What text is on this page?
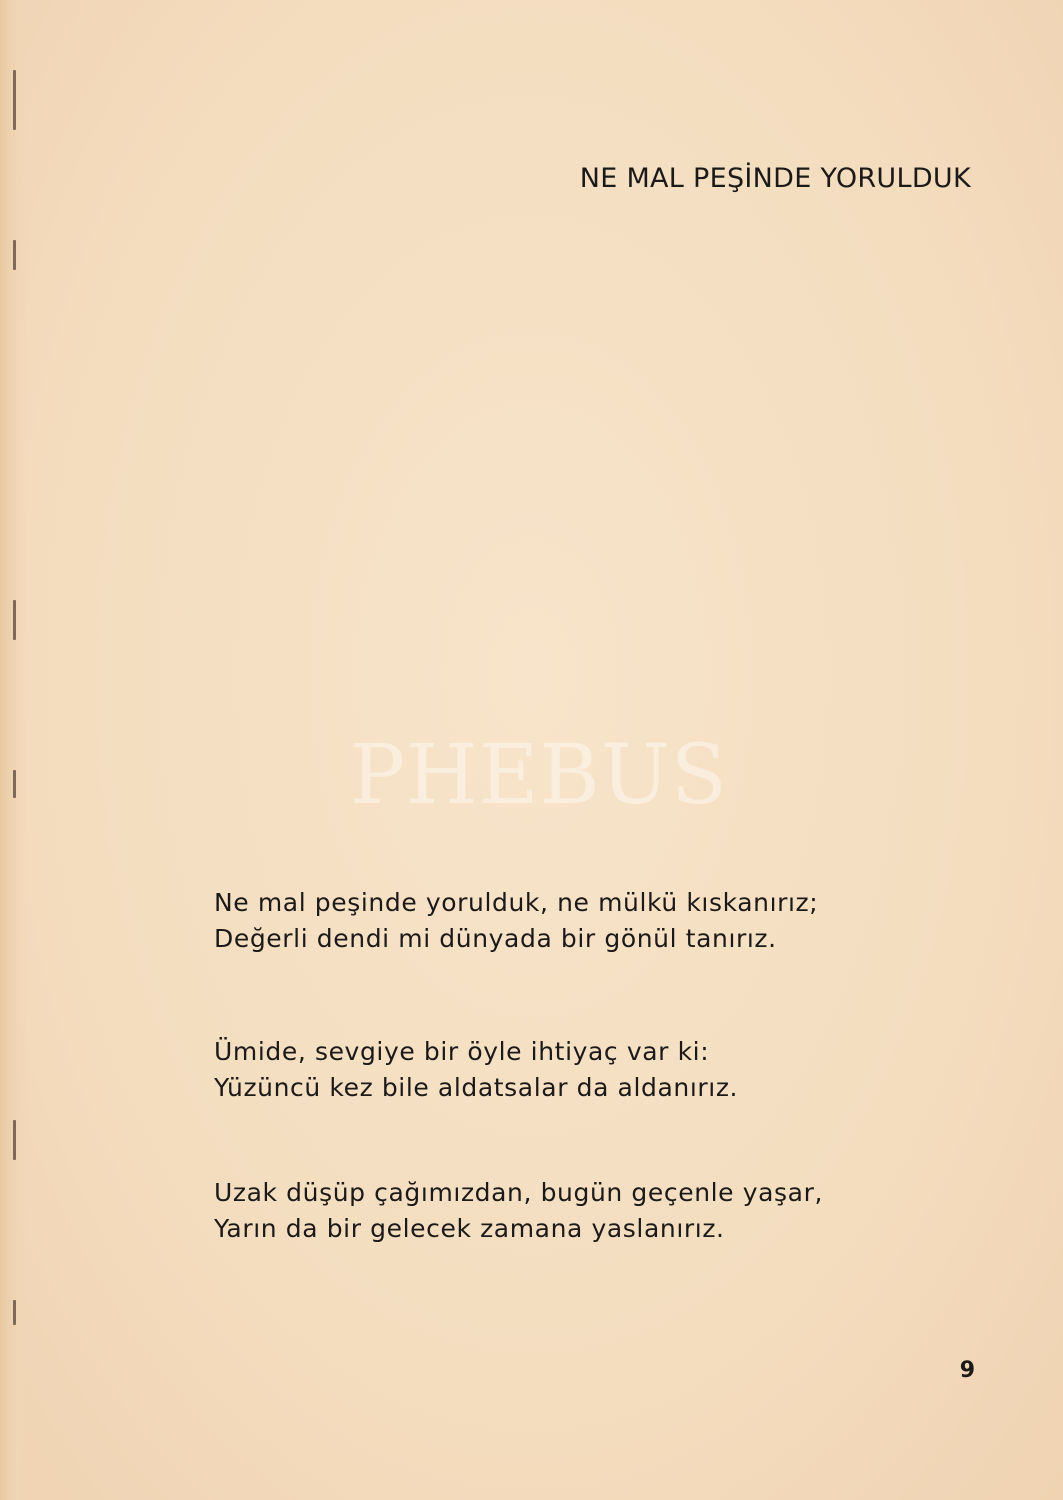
NE MAL PEŞİNDE YORULDUK
PHEBUS

Ne mal peşinde yorulduk, ne mülkü kıskanırız;
Değerli dendi mi dünyada bir gönül tanırız.

Ümide, sevgiye bir öyle ihtiyaç var ki:
Yüzüncü kez bile aldatsalar da aldanırız.

Uzak düşüp çağımızdan, bugün geçenle yaşar,
Yarın da bir gelecek zamana yaslanırız.

9
